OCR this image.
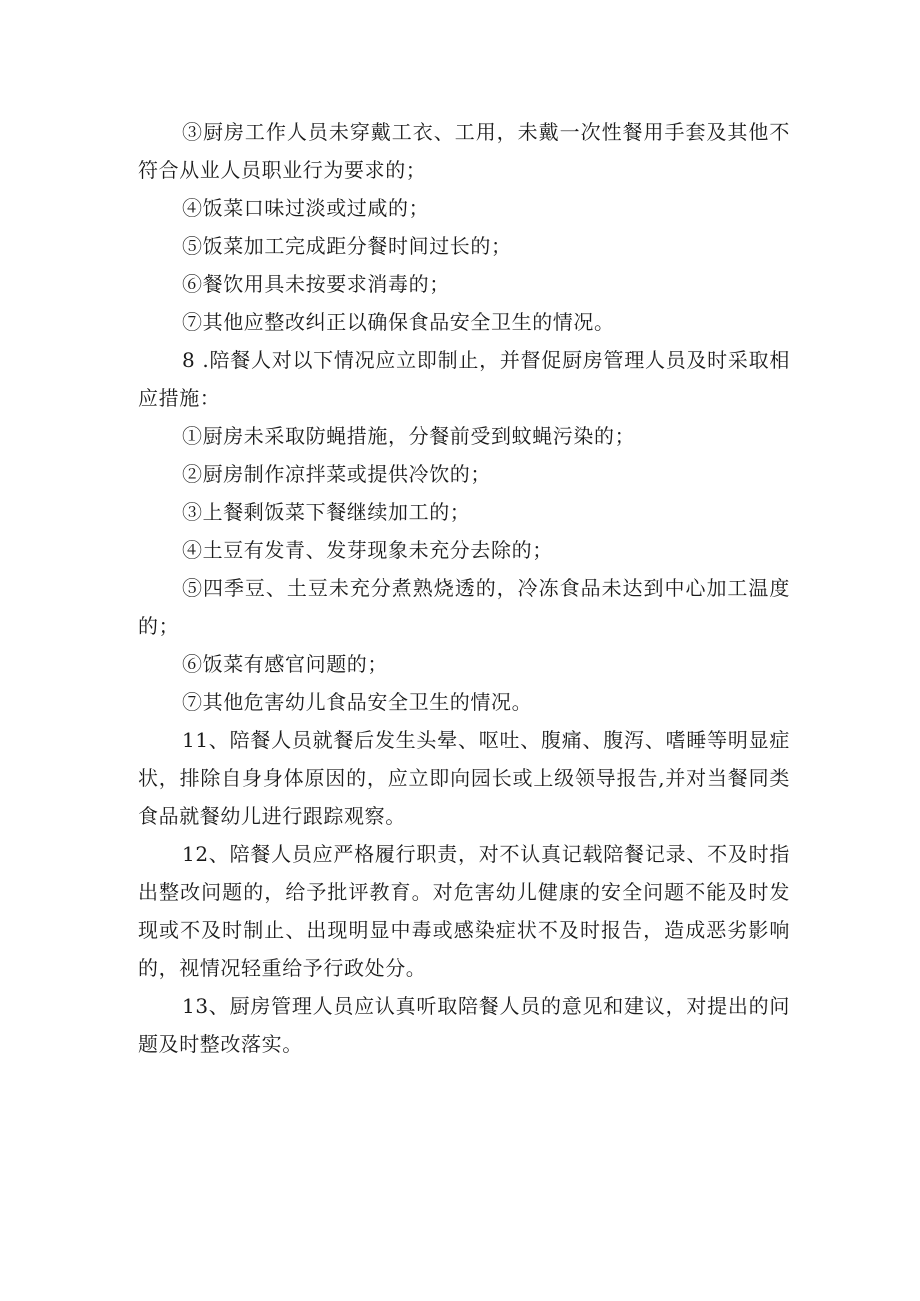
③厨房工作人员未穿戴工衣、工用，未戴一次性餐用手套及其他不符合从业人员职业行为要求的；

④饭菜口味过淡或过咸的；

⑤饭菜加工完成距分餐时间过长的；

⑥餐饮用具未按要求消毒的；

⑦其他应整改纠正以确保食品安全卫生的情况。

8 .陪餐人对以下情况应立即制止，并督促厨房管理人员及时采取相应措施：

①厨房未采取防蝇措施，分餐前受到蚊蝇污染的；

②厨房制作凉拌菜或提供冷饮的；

③上餐剩饭菜下餐继续加工的；

④土豆有发青、发芽现象未充分去除的；

⑤四季豆、土豆未充分煮熟烧透的，冷冻食品未达到中心加工温度的；

⑥饭菜有感官问题的；

⑦其他危害幼儿食品安全卫生的情况。

11、陪餐人员就餐后发生头晕、呕吐、腹痛、腹泻、嗜睡等明显症状，排除自身身体原因的，应立即向园长或上级领导报告,并对当餐同类食品就餐幼儿进行跟踪观察。

12、陪餐人员应严格履行职责，对不认真记载陪餐记录、不及时指出整改问题的，给予批评教育。对危害幼儿健康的安全问题不能及时发现或不及时制止、出现明显中毒或感染症状不及时报告，造成恶劣影响的，视情况轻重给予行政处分。

13、厨房管理人员应认真听取陪餐人员的意见和建议，对提出的问题及时整改落实。
